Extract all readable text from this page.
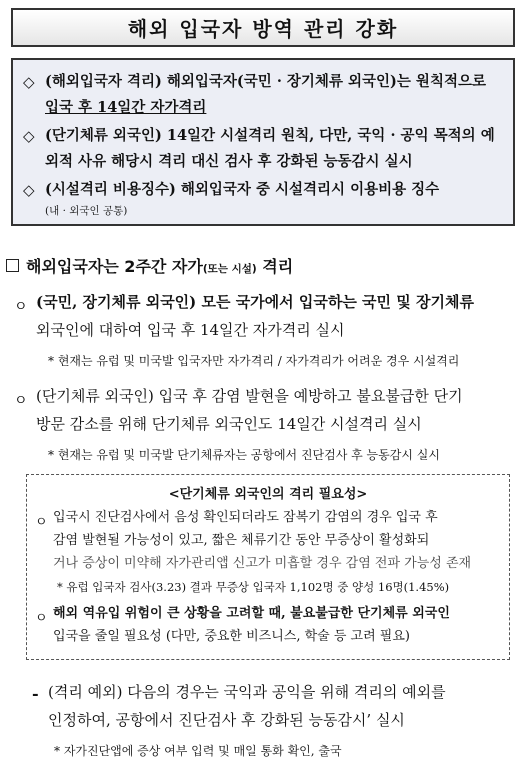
해외 입국자 방역 관리 강화
◇ (해외입국자 격리) 해외입국자(국민 · 장기체류 외국인)는 원칙적으로
입국 후 14일간 자가격리
◇ (단기체류 외국인) 14일간 시설격리 원칙, 다만, 국익 · 공익 목적의 예
외적 사유 해당시 격리 대신 검사 후 강화된 능동감시 실시
◇ (시설격리 비용징수) 해외입국자 중 시설격리시 이용비용 징수
(내 · 외국인 공통)
해외입국자는 2주간 자가(또는 시설) 격리
ㅇ (국민, 장기체류 외국인) 모든 국가에서 입국하는 국민 및 장기체류
외국인에 대하여 입국 후 14일간 자가격리 실시
* 현재는 유럽 및 미국발 입국자만 자가격리 / 자가격리가 어려운 경우 시설격리
ㅇ (단기체류 외국인) 입국 후 감염 발현을 예방하고 불요불급한 단기
방문 감소를 위해 단기체류 외국인도 14일간 시설격리 실시
* 현재는 유럽 및 미국발 단기체류자는 공항에서 진단검사 후 능동감시 실시
<단기체류 외국인의 격리 필요성>
ㅇ 입국시 진단검사에서 음성 확인되더라도 잠복기 감염의 경우 입국 후
감염 발현될 가능성이 있고, 짧은 체류기간 동안 무증상이 활성화되
거나 증상이 미약해 자가관리앱 신고가 미흡할 경우 감염 전파 가능성 존재
* 유럽 입국자 검사(3.23) 결과 무증상 입국자 1,102명 중 양성 16명(1.45%)
ㅇ 해외 역유입 위험이 큰 상황을 고려할 때, 불요불급한 단기체류 외국인
입국을 줄일 필요성 (다만, 중요한 비즈니스, 학술 등 고려 필요)
- (격리 예외) 다음의 경우는 국익과 공익을 위해 격리의 예외를
인정하여, 공항에서 진단검사 후 강화된 능동감시’ 실시
* 자가진단앱에 증상 여부 입력 및 매일 통화 확인, 출국
